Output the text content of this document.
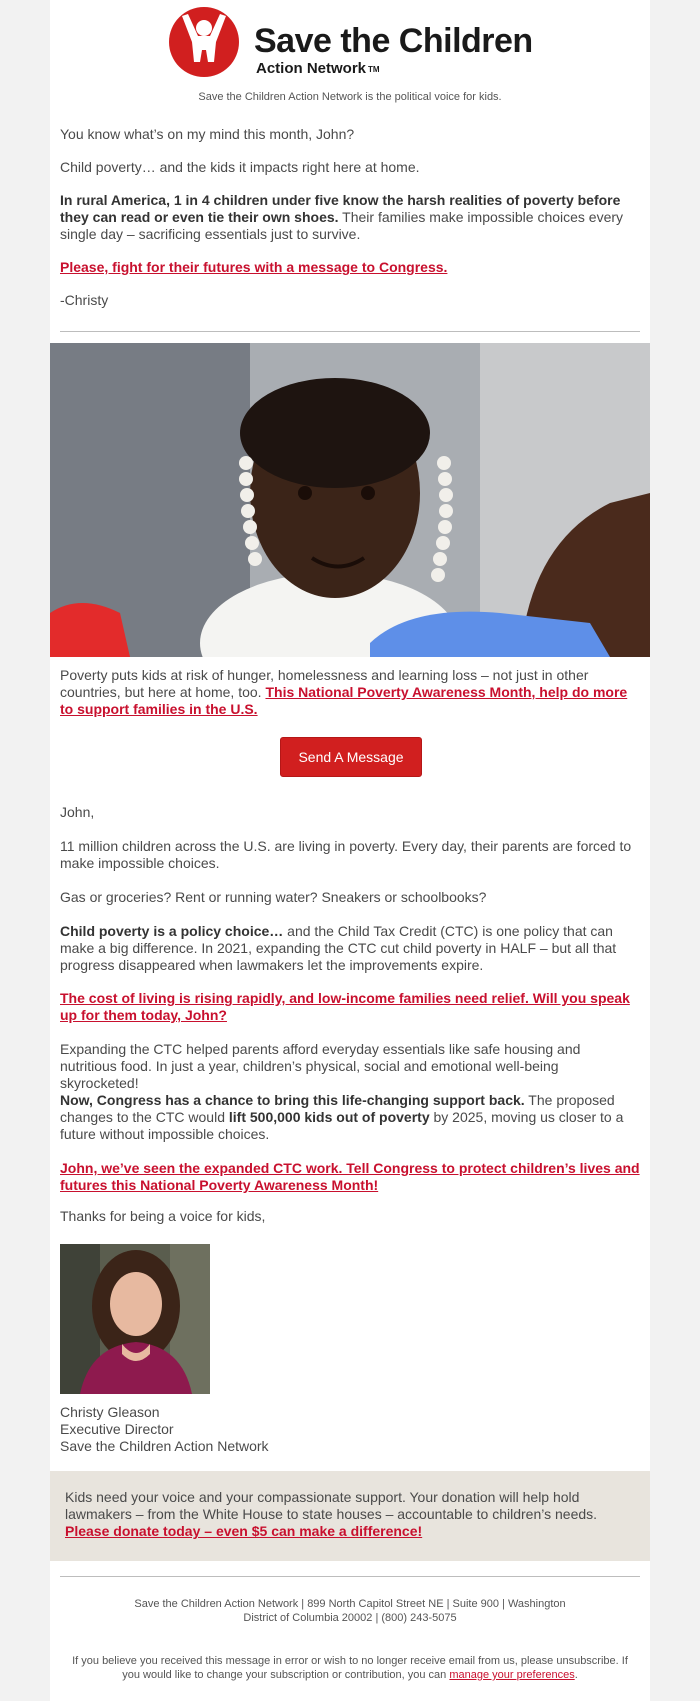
Save the Children
Action Network TM
Save the Children Action Network is the political voice for kids.

You know what’s on my mind this month, John?

Child poverty… and the kids it impacts right here at home.

In rural America, 1 in 4 children under five know the harsh realities of poverty before they can read or even tie their own shoes. Their families make impossible choices every single day – sacrificing essentials just to survive.

Please, fight for their futures with a message to Congress.

-Christy

Poverty puts kids at risk of hunger, homelessness and learning loss – not just in other countries, but here at home, too. This National Poverty Awareness Month, help do more to support families in the U.S.

Send A Message

John,

11 million children across the U.S. are living in poverty. Every day, their parents are forced to make impossible choices.

Gas or groceries? Rent or running water? Sneakers or schoolbooks?

Child poverty is a policy choice… and the Child Tax Credit (CTC) is one policy that can make a big difference. In 2021, expanding the CTC cut child poverty in HALF – but all that progress disappeared when lawmakers let the improvements expire.

The cost of living is rising rapidly, and low-income families need relief. Will you speak up for them today, John?

Expanding the CTC helped parents afford everyday essentials like safe housing and nutritious food. In just a year, children’s physical, social and emotional well-being skyrocketed!

Now, Congress has a chance to bring this life-changing support back. The proposed changes to the CTC would lift 500,000 kids out of poverty by 2025, moving us closer to a future without impossible choices.

John, we’ve seen the expanded CTC work. Tell Congress to protect children’s lives and futures this National Poverty Awareness Month!

Thanks for being a voice for kids,

Christy Gleason

Executive Director

Save the Children Action Network

Kids need your voice and your compassionate support. Your donation will help hold lawmakers – from the White House to state houses – accountable to children’s needs. Please donate today – even $5 can make a difference!

Save the Children Action Network | 899 North Capitol Street NE | Suite 900 | Washington
District of Columbia 20002 | (800) 243-5075
If you believe you received this message in error or wish to no longer receive email from us, please unsubscribe. If you would like to change your subscription or contribution, you can manage your preferences.
